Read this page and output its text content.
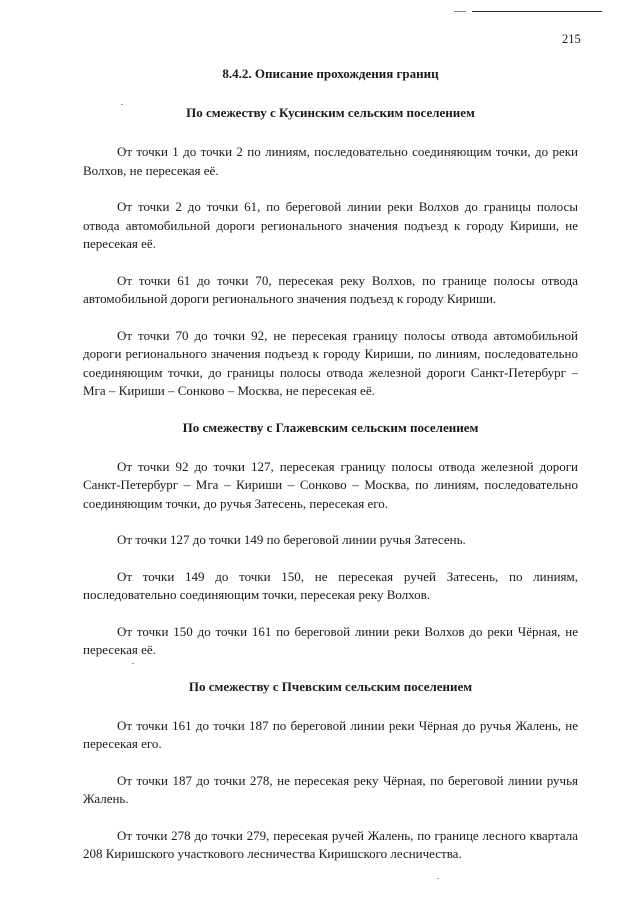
215
8.4.2. Описание прохождения границ
По смежеству с Кусинским сельским поселением

От точки 1 до точки 2 по линиям, последовательно соединяющим точки, до реки Волхов, не пересекая её.

От точки 2 до точки 61, по береговой линии реки Волхов до границы полосы отвода автомобильной дороги регионального значения подъезд к городу Кириши, не пересекая её.

От точки 61 до точки 70, пересекая реку Волхов, по границе полосы отвода автомобильной дороги регионального значения подъезд к городу Кириши.

От точки 70 до точки 92, не пересекая границу полосы отвода автомобильной дороги регионального значения подъезд к городу Кириши, по линиям, последовательно соединяющим точки, до границы полосы отвода железной дороги Санкт-Петербург – Мга – Кириши – Сонково – Москва, не пересекая её.

По смежеству с Глажевским сельским поселением

От точки 92 до точки 127, пересекая границу полосы отвода железной дороги Санкт-Петербург – Мга – Кириши – Сонково – Москва, по линиям, последовательно соединяющим точки, до ручья Затесень, пересекая его.

От точки 127 до точки 149 по береговой линии ручья Затесень.

От точки 149 до точки 150, не пересекая ручей Затесень, по линиям, последовательно соединяющим точки, пересекая реку Волхов.

От точки 150 до точки 161 по береговой линии реки Волхов до реки Чёрная, не пересекая её.

По смежеству с Пчевским сельским поселением

От точки 161 до точки 187 по береговой линии реки Чёрная до ручья Жалень, не пересекая его.

От точки 187 до точки 278, не пересекая реку Чёрная, по береговой линии ручья Жалень.

От точки 278 до точки 279, пересекая ручей Жалень, по границе лесного квартала 208 Киришского участкового лесничества Киришского лесничества.
